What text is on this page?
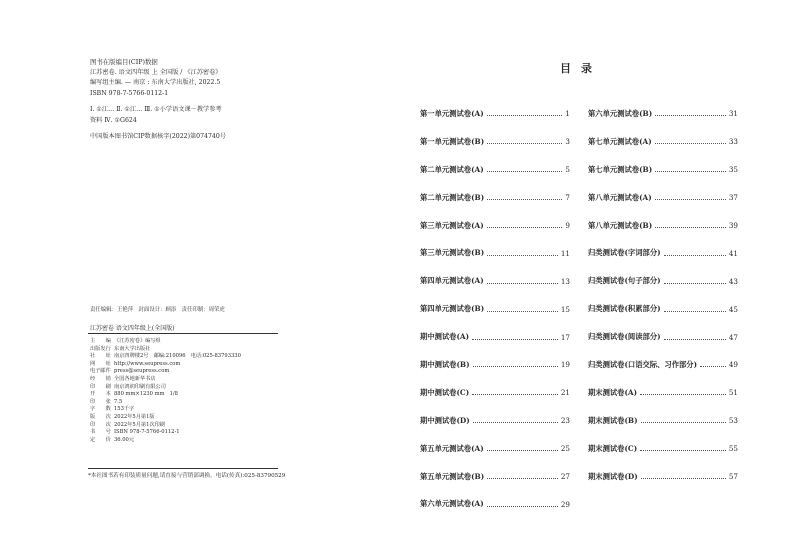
图书在版编目(CIP)数据

江苏密卷. 语文四年级 上 全国版 / 《江苏密卷》

编写组主编. — 南京 : 东南大学出版社, 2022.5

ISBN 978-7-5766-0112-1

Ⅰ. ①江… Ⅱ. ①江… Ⅲ. ①小学语文课－教学参考

资料 Ⅳ. ①G624

中国版本图书馆CIP数据核字(2022)第074740号

责任编辑：王艳萍　封面设计：顾添　责任印制：周荣虎
江苏密卷 语文四年级上(全国版)
主　　编 《江苏密卷》编写组
出版发行 东南大学出版社
社　　址 南京四牌楼2号　邮编:210096　电话:025-83793330
网　　址 http://www.seupress.com
电子邮件 press@seupress.com
经　　销 全国各地新华书店
印　　刷 南京鸿润印刷有限公司
开　　本 880 mm×1230 mm　1/8
印　　张 7.5
字　　数 153千字
版　　次 2022年5月第1版
印　　次 2022年5月第1次印刷
书　　号 ISBN 978-7-5766-0112-1
定　　价 36.00元
*本社图书若有印装质量问题,请直接与营销部调换。电话(传真):025-83790529
目录
第一单元测试卷(A)	1
第一单元测试卷(B)	3
第二单元测试卷(A)	5
第二单元测试卷(B)	7
第三单元测试卷(A)	9
第三单元测试卷(B)	11
第四单元测试卷(A)	13
第四单元测试卷(B)	15
期中测试卷(A)	17
期中测试卷(B)	19
期中测试卷(C)	21
期中测试卷(D)	23
第五单元测试卷(A)	25
第五单元测试卷(B)	27
第六单元测试卷(A)	29
第六单元测试卷(B)	31
第七单元测试卷(A)	33
第七单元测试卷(B)	35
第八单元测试卷(A)	37
第八单元测试卷(B)	39
归类测试卷(字词部分)	41
归类测试卷(句子部分)	43
归类测试卷(积累部分)	45
归类测试卷(阅读部分)	47
归类测试卷(口语交际、习作部分)	49
期末测试卷(A)	51
期末测试卷(B)	53
期末测试卷(C)	55
期末测试卷(D)	57
